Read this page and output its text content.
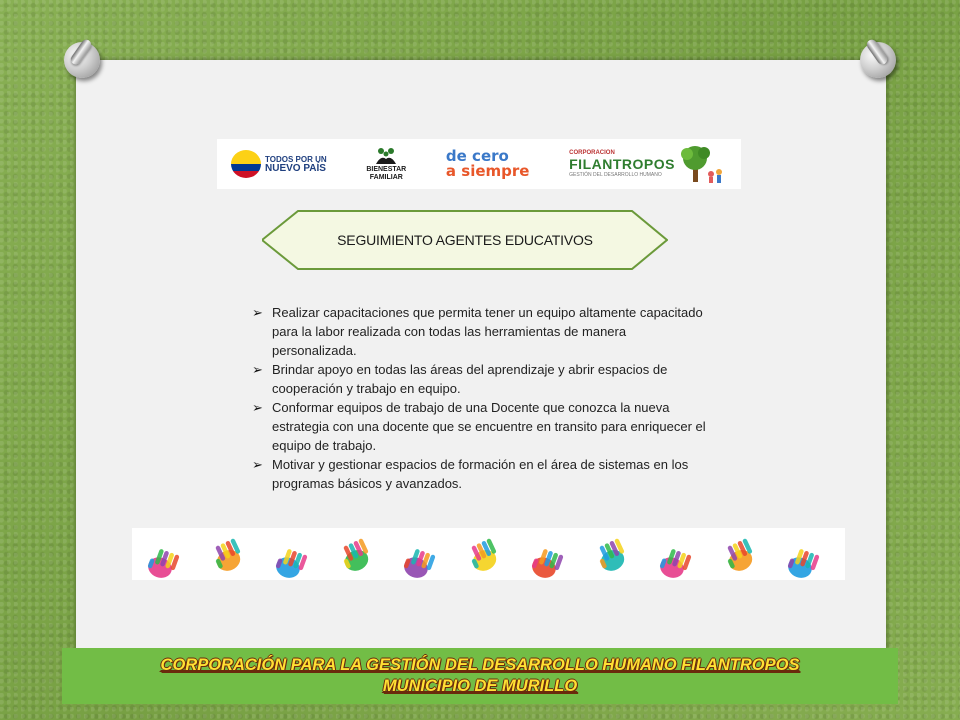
TODOS POR UN
NUEVO PAÍS	BIENESTAR
FAMILIAR
de cero
a siempre
CORPORACION
FILANTROPOS
GESTIÓN DEL DESARROLLO HUMANO
SEGUIMIENTO AGENTES EDUCATIVOS
➢ Realizar capacitaciones que permita tener un equipo altamente capacitado para la labor realizada con todas las herramientas de manera personalizada.
➢ Brindar apoyo en todas las áreas del aprendizaje y abrir espacios de cooperación y trabajo en equipo.
➢ Conformar equipos de trabajo de una Docente que conozca la nueva estrategia con una docente que se encuentre en transito para enriquecer el equipo de trabajo.
➢ Motivar y gestionar espacios de formación en el área de sistemas en los programas básicos y avanzados.
CORPORACIÓN PARA LA GESTIÓN DEL DESARROLLO HUMANO FILANTROPOS
MUNICIPIO DE MURILLO
